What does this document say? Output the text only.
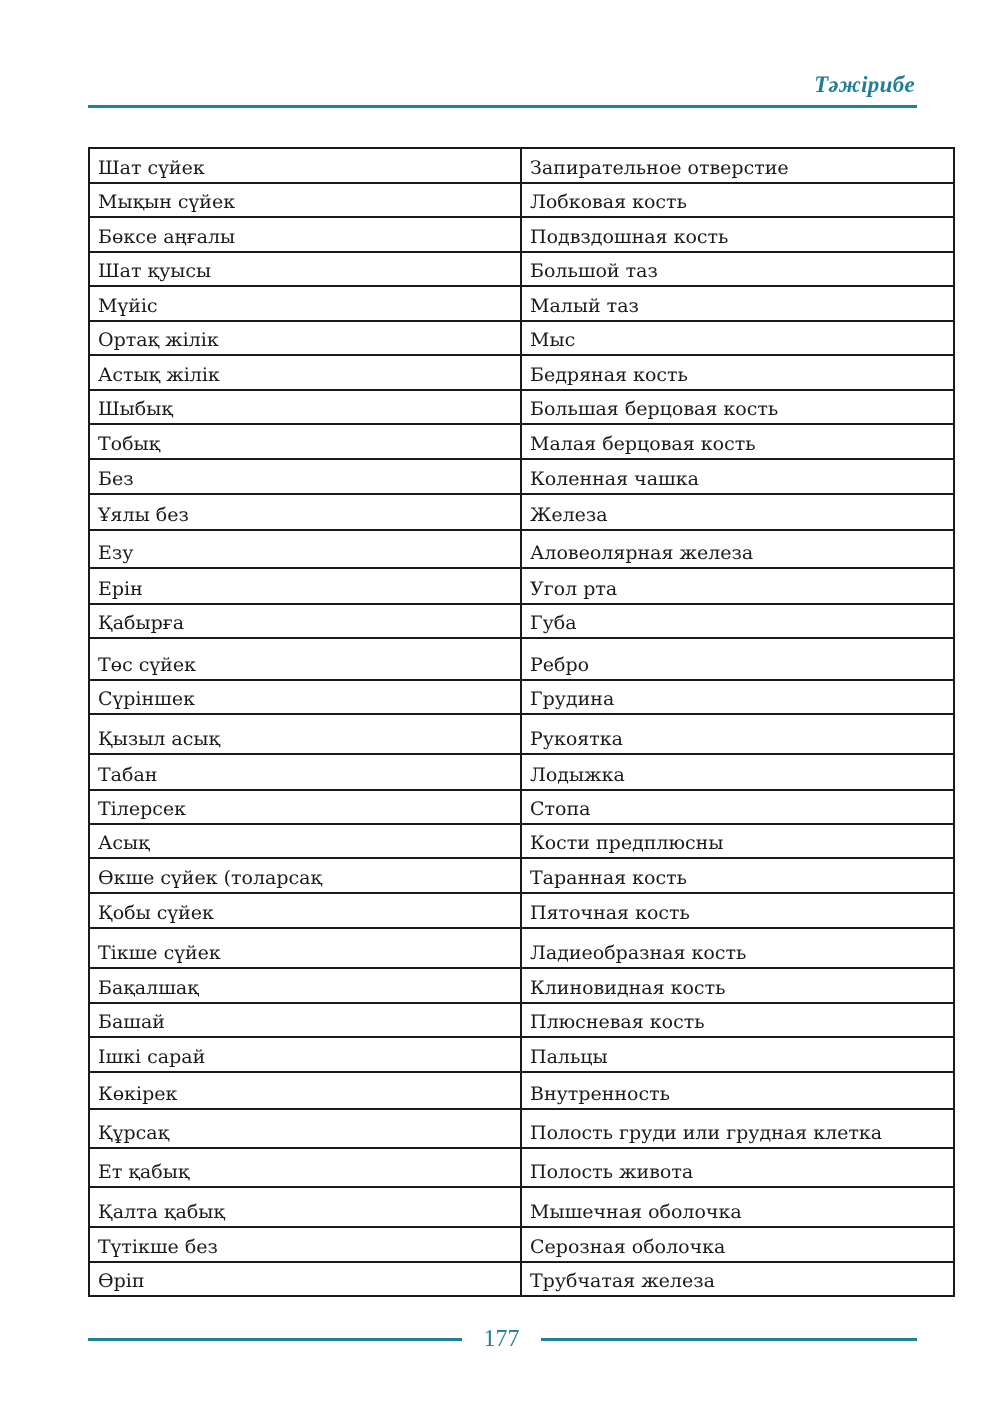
Тәжірибе
Шат сүйек	Запирательное отверстие
Мықын сүйек	Лобковая кость
Бөксе аңғалы	Подвздошная кость
Шат қуысы	Большой таз
Мүйіс	Малый таз
Ортақ жілік	Мыс
Астық жілік	Бедряная кость
Шыбық	Большая берцовая кость
Тобық	Малая берцовая кость
Без	Коленная чашка
Ұялы без	Железа
Езу	Аловеолярная железа
Ерін	Угол рта
Қабырға	Губа
Төс сүйек	Ребро
Сүріншек	Грудина
Қызыл асық	Рукоятка
Табан	Лодыжка
Тілерсек	Стопа
Асық	Кости предплюсны
Өкше сүйек (толарсақ	Таранная кость
Қобы сүйек	Пяточная кость
Тікше сүйек	Ладиеобразная кость
Бақалшақ	Клиновидная кость
Башай	Плюсневая кость
Ішкі сарай	Пальцы
Көкірек	Внутренность
Құрсақ	Полость груди или грудная клетка
Ет қабық	Полость живота
Қалта қабық	Мышечная оболочка
Түтікше без	Серозная оболочка
Өріп	Трубчатая железа
177
